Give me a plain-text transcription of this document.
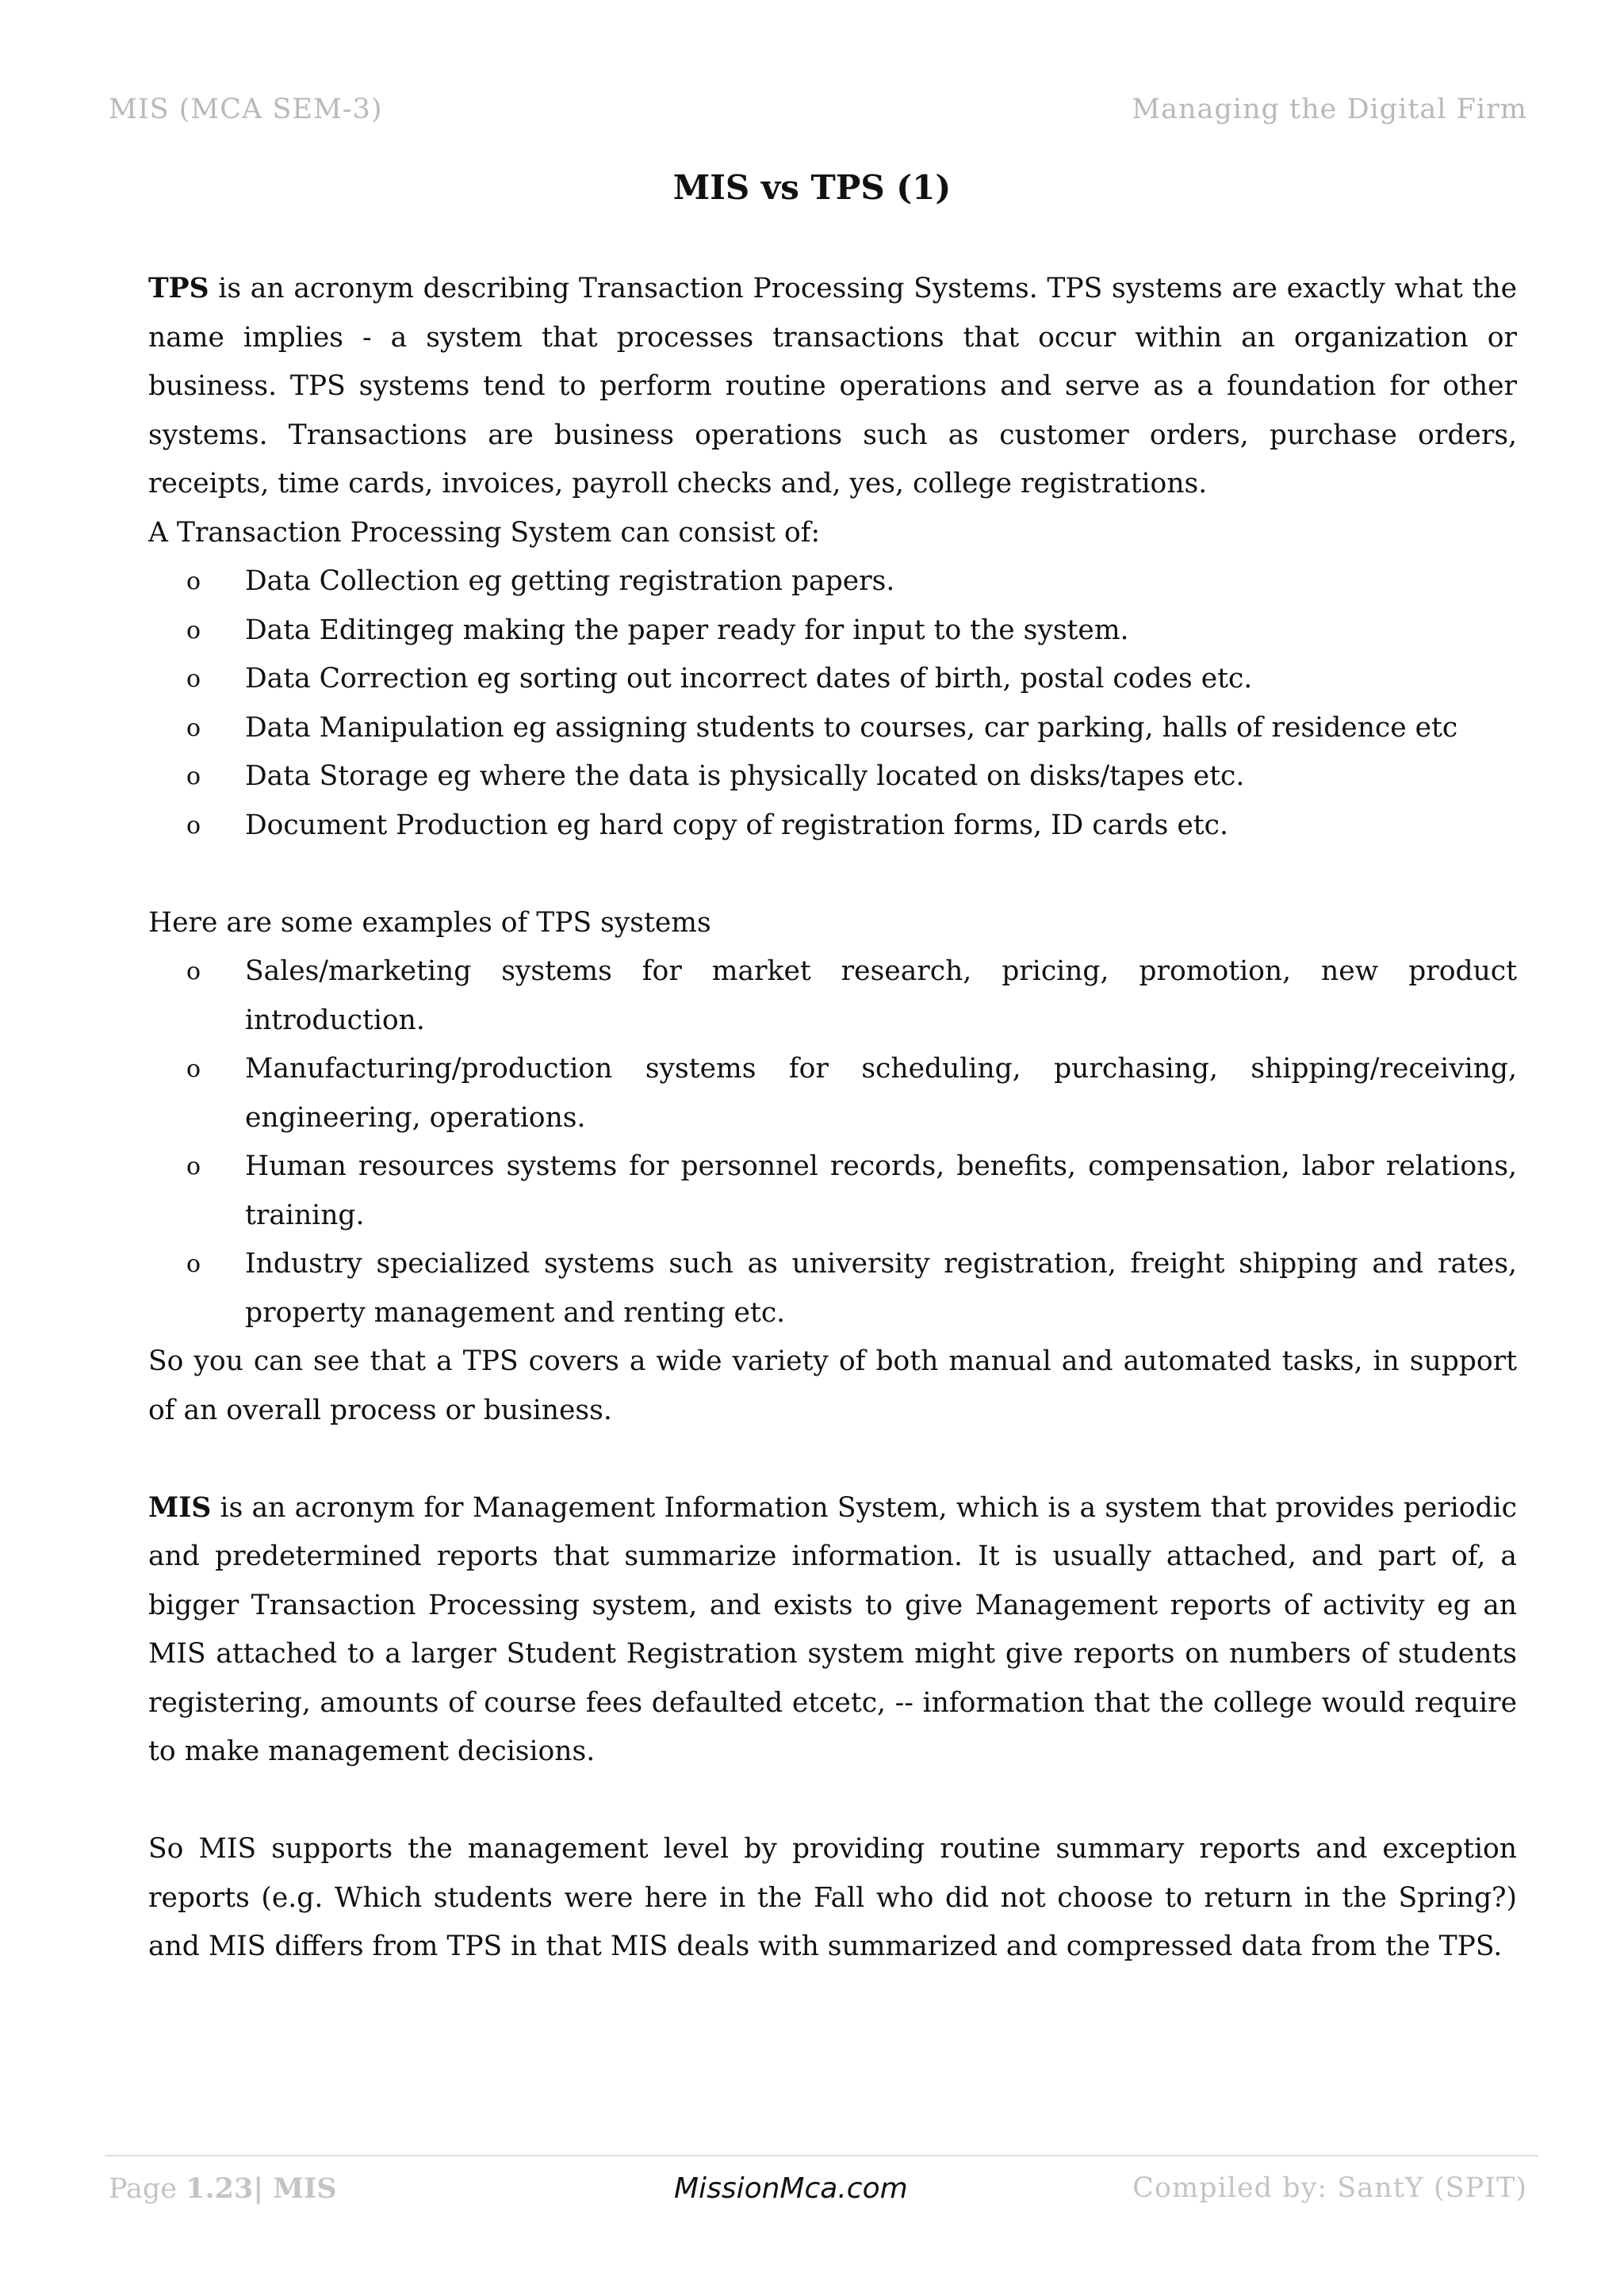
MIS (MCA SEM-3)	Managing the Digital Firm
MIS vs TPS (1)

TPS is an acronym describing Transaction Processing Systems. TPS systems are exactly what the name implies - a system that processes transactions that occur within an organization or business. TPS systems tend to perform routine operations and serve as a foundation for other systems. Transactions are business operations such as customer orders, purchase orders, receipts, time cards, invoices, payroll checks and, yes, college registrations.

A Transaction Processing System can consist of:

o Data Collection eg getting registration papers.
o Data Editingeg making the paper ready for input to the system.
o Data Correction eg sorting out incorrect dates of birth, postal codes etc.
o Data Manipulation eg assigning students to courses, car parking, halls of residence etc
o Data Storage eg where the data is physically located on disks/tapes etc.
o Document Production eg hard copy of registration forms, ID cards etc.

Here are some examples of TPS systems

o Sales/marketing systems for market research, pricing, promotion, new product introduction.
o Manufacturing/production systems for scheduling, purchasing, shipping/receiving, engineering, operations.
o Human resources systems for personnel records, benefits, compensation, labor relations, training.
o Industry specialized systems such as university registration, freight shipping and rates, property management and renting etc.

So you can see that a TPS covers a wide variety of both manual and automated tasks, in support of an overall process or business.

MIS is an acronym for Management Information System, which is a system that provides periodic and predetermined reports that summarize information. It is usually attached, and part of, a bigger Transaction Processing system, and exists to give Management reports of activity eg an MIS attached to a larger Student Registration system might give reports on numbers of students registering, amounts of course fees defaulted etcetc, -- information that the college would require to make management decisions.

So MIS supports the management level by providing routine summary reports and exception reports (e.g. Which students were here in the Fall who did not choose to return in the Spring?) and MIS differs from TPS in that MIS deals with summarized and compressed data from the TPS.

Page 1.23| MIS	MissionMca.com	Compiled by: SantY (SPIT)
